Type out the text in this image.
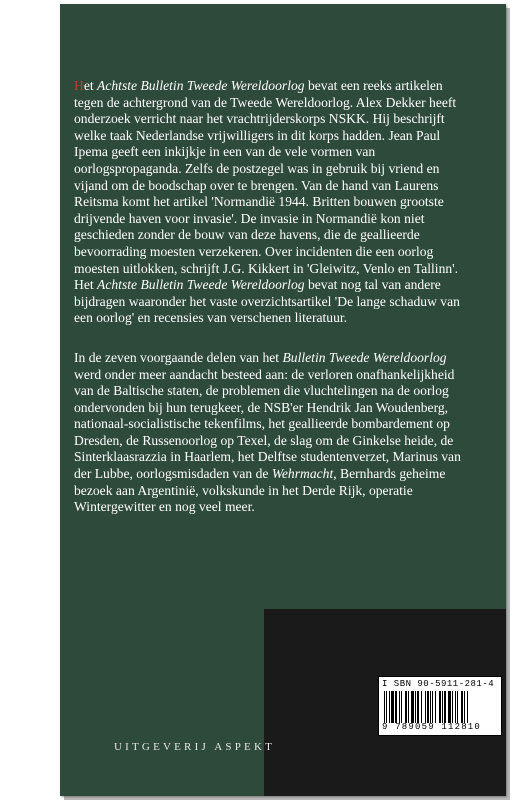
Het Achtste Bulletin Tweede Wereldoorlog bevat een reeks artikelen tegen de achtergrond van de Tweede Wereldoorlog. Alex Dekker heeft onderzoek verricht naar het vrachtrijderskorps NSKK. Hij beschrijft welke taak Nederlandse vrijwilligers in dit korps hadden. Jean Paul Ipema geeft een inkijkje in een van de vele vormen van oorlogspropaganda. Zelfs de postzegel was in gebruik bij vriend en vijand om de boodschap over te brengen. Van de hand van Laurens Reitsma komt het artikel 'Normandië 1944. Britten bouwen grootste drijvende haven voor invasie'. De invasie in Normandië kon niet geschieden zonder de bouw van deze havens, die de geallieerde bevoorrading moesten verzekeren. Over incidenten die een oorlog moesten uitlokken, schrijft J.G. Kikkert in 'Gleiwitz, Venlo en Tallinn'. Het Achtste Bulletin Tweede Wereldoorlog bevat nog tal van andere bijdragen waaronder het vaste overzichtsartikel 'De lange schaduw van een oorlog' en recensies van verschenen literatuur.

In de zeven voorgaande delen van het Bulletin Tweede Wereldoorlog werd onder meer aandacht besteed aan: de verloren onafhankelijkheid van de Baltische staten, de problemen die vluchtelingen na de oorlog ondervonden bij hun terugkeer, de NSB'er Hendrik Jan Woudenberg, nationaal-socialistische tekenfilms, het geallieerde bombardement op Dresden, de Russenoorlog op Texel, de slag om de Ginkelse heide, de Sinterklaasrazzia in Haarlem, het Delftse studentenverzet, Marinus van der Lubbe, oorlogsmisdaden van de Wehrmacht, Bernhards geheime bezoek aan Argentinië, volkskunde in het Derde Rijk, operatie Wintergewitter en nog veel meer.

I SBN 90-5911-281-4
9 789059 112810
UITGEVERIJ ASPEKT
